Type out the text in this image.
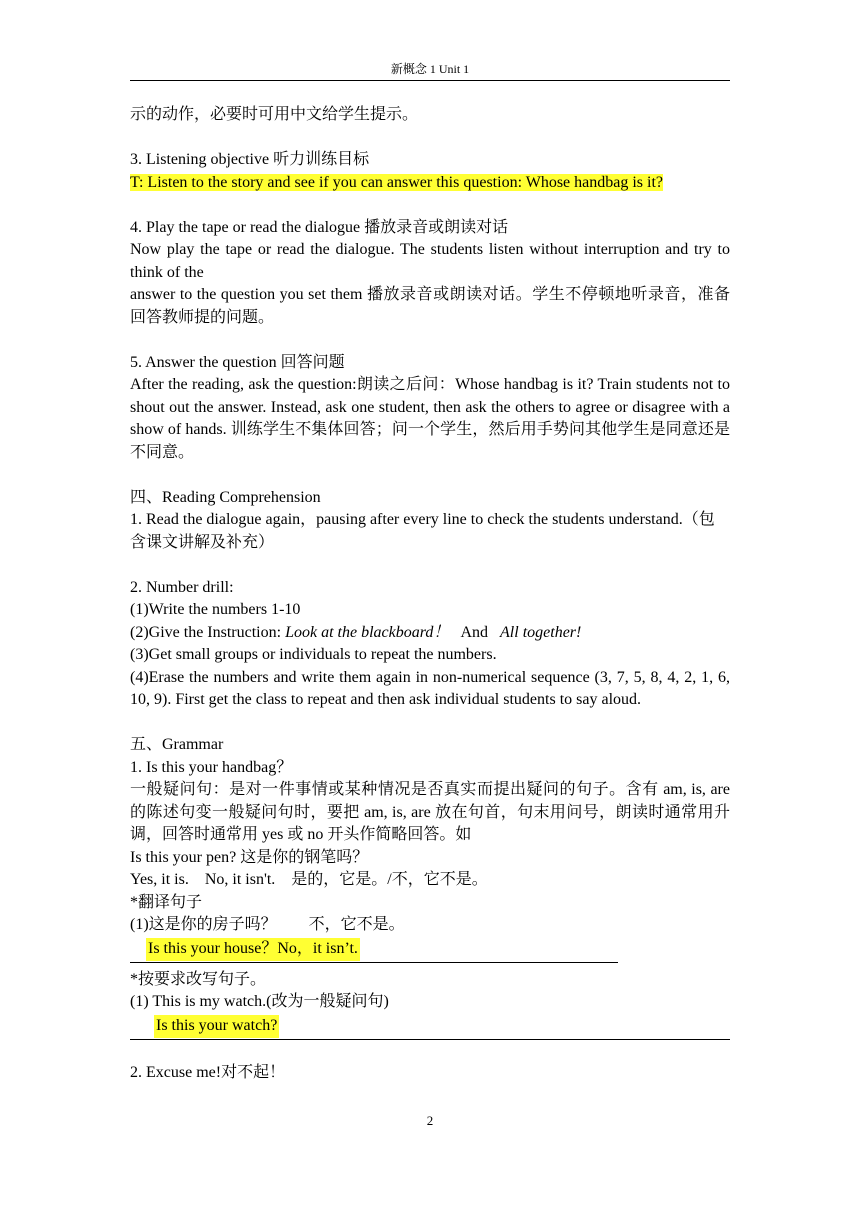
新概念 1 Unit 1

示的动作，必要时可用中文给学生提示。

3. Listening objective 听力训练目标

T: Listen to the story and see if you can answer this question: Whose handbag is it?

4. Play the tape or read the dialogue 播放录音或朗读对话

Now play the tape or read the dialogue. The students listen without interruption and try to think of the

answer to the question you set them 播放录音或朗读对话。学生不停顿地听录音，准备回答教师提的问题。

5. Answer the question 回答问题

After the reading, ask the question:朗读之后问：Whose handbag is it? Train students not to shout out the answer. Instead, ask one student, then ask the others to agree or disagree with a show of hands. 训练学生不集体回答；问一个学生，然后用手势问其他学生是同意还是不同意。

四、Reading Comprehension

1. Read the dialogue again，pausing after every line to check the students understand.（包含课文讲解及补充）

2. Number drill:

(1)Write the numbers 1-10

(2)Give the Instruction: Look at the blackboard！   And   All together!

(3)Get small groups or individuals to repeat the numbers.

(4)Erase the numbers and write them again in non-numerical sequence (3, 7, 5, 8, 4, 2, 1, 6, 10, 9). First get the class to repeat and then ask individual students to say aloud.

五、Grammar

1. Is this your handbag？

一般疑问句：是对一件事情或某种情况是否真实而提出疑问的句子。含有 am, is, are 的陈述句变一般疑问句时，要把 am, is, are 放在句首，句末用问号，朗读时通常用升调，回答时通常用 yes 或 no 开头作简略回答。如

Is this your pen? 这是你的钢笔吗？

Yes, it is.    No, it isn't.    是的，它是。/不，它不是。

*翻译句子

(1)这是你的房子吗？        不，它不是。

Is this your house？No，it isn’t.

*按要求改写句子。

(1) This is my watch.(改为一般疑问句)

Is this your watch?

2. Excuse me!对不起！

2
